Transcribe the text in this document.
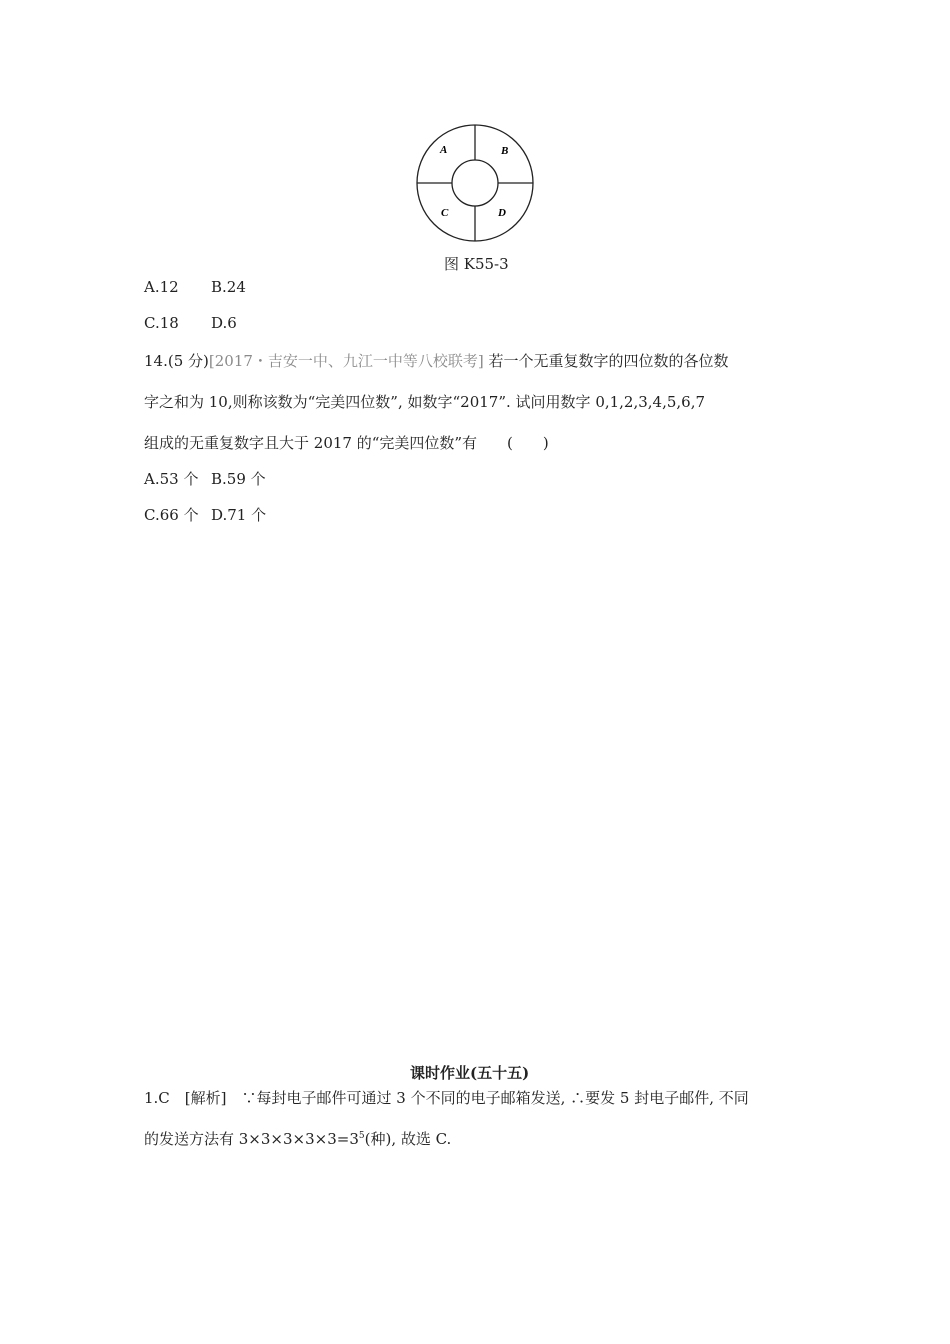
A	B
C	D
图 K55-3
A.12 B.24
C.18 D.6
14.(5 分)[2017・吉安一中、九江一中等八校联考] 若一个无重复数字的四位数的各位数
字之和为 10,则称该数为“完美四位数”, 如数字“2017”. 试问用数字 0,1,2,3,4,5,6,7
组成的无重复数字且大于 2017 的“完美四位数”有　　(　　)
A.53 个 B.59 个
C.66 个 D.71 个
课时作业(五十五)
1.C　[解析]　∵每封电子邮件可通过 3 个不同的电子邮箱发送, ∴要发 5 封电子邮件, 不同
的发送方法有 $3\times 3\times 3\times 3\times 3=3^5$(种), 故选 C.
